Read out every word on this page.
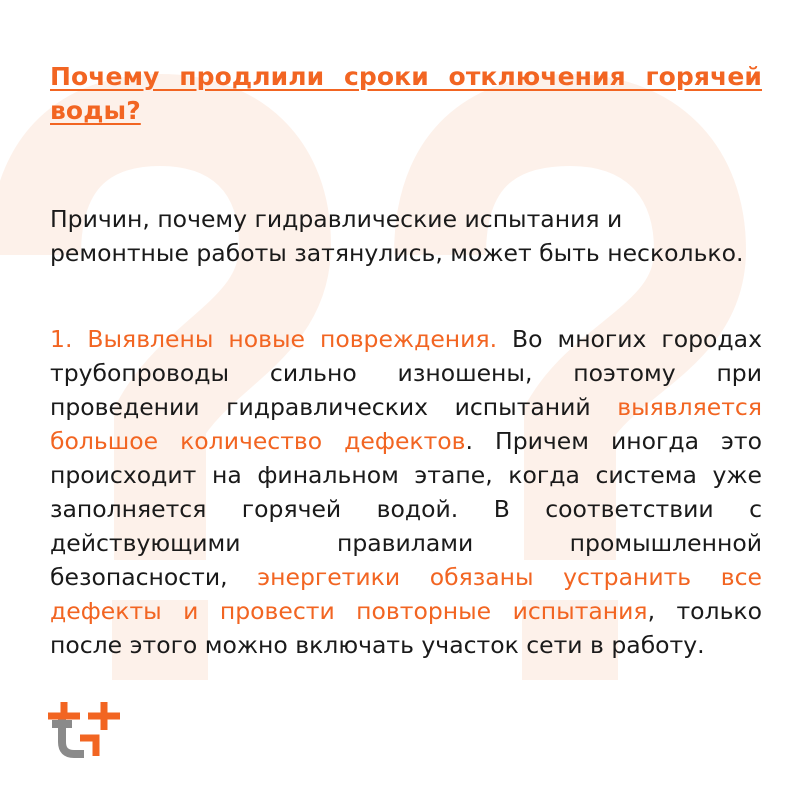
Почему продлили сроки отключения горячей воды?

Причин, почему гидравлические испытания и ремонтные работы затянулись, может быть несколько.

1. Выявлены новые повреждения. Во многих городах трубопроводы сильно изношены, поэтому при проведении гидравлических испытаний выявляется большое количество дефектов. Причем иногда это происходит на финальном этапе, когда система уже заполняется горячей водой. В соответствии с действующими правилами промышленной безопасности, энергетики обязаны устранить все дефекты и провести повторные испытания, только после этого можно включать участок сети в работу.
